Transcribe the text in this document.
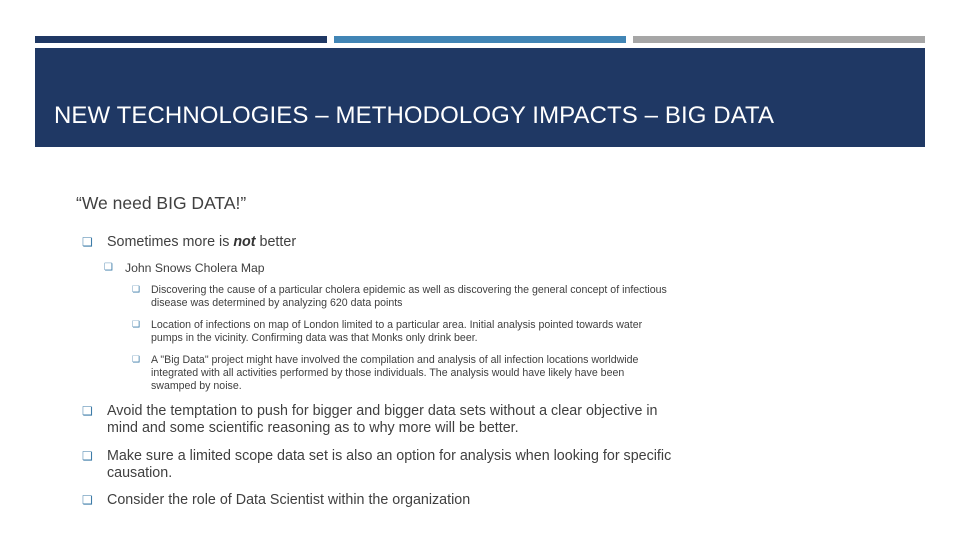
NEW TECHNOLOGIES – METHODOLOGY IMPACTS – BIG DATA
“We need BIG DATA!”
❏ Sometimes more is not better
❏ John Snows Cholera Map
❏ Discovering the cause of a particular cholera epidemic as well as discovering the general concept of infectious disease was determined by analyzing 620 data points
❏ Location of infections on map of London limited to a particular area. Initial analysis pointed towards water pumps in the vicinity. Confirming data was that Monks only drink beer.
❏ A "Big Data" project might have involved the compilation and analysis of all infection locations worldwide integrated with all activities performed by those individuals. The analysis would have likely have been swamped by noise.
❏ Avoid the temptation to push for bigger and bigger data sets without a clear objective in mind and some scientific reasoning as to why more will be better.
❏ Make sure a limited scope data set is also an option for analysis when looking for specific causation.
❏ Consider the role of Data Scientist within the organization
